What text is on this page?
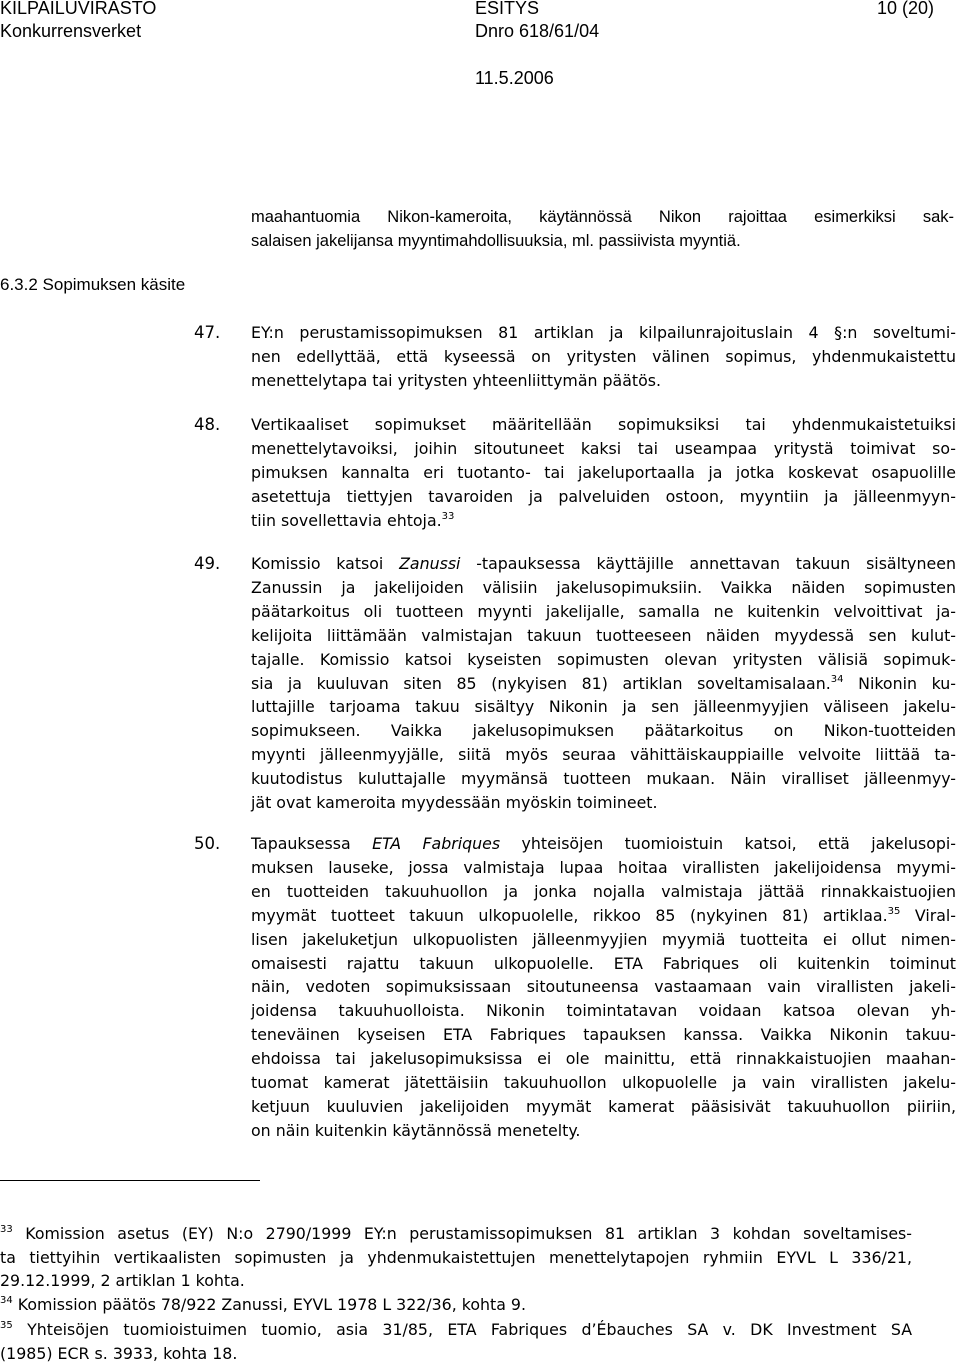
KILPAILUVIRASTO
Konkurrensverket
ESITYS
Dnro 618/61/04
10 (20)
11.5.2006
maahantuomia Nikon-kameroita, käytännössä Nikon rajoittaa esimerkiksi sak-
salaisen jakelijansa myyntimahdollisuuksia, ml. passiivista myyntiä.
6.3.2 Sopimuksen käsite
47. EY:n perustamissopimuksen 81 artiklan ja kilpailunrajoituslain 4 §:n soveltumi-
nen edellyttää, että kyseessä on yritysten välinen sopimus, yhdenmukaistettu
menettelytapa tai yritysten yhteenliittymän päätös.
48. Vertikaaliset sopimukset määritellään sopimuksiksi tai yhdenmukaistetuiksi
menettelytavoiksi, joihin sitoutuneet kaksi tai useampaa yritystä toimivat so-
pimuksen kannalta eri tuotanto- tai jakeluportaalla ja jotka koskevat osapuolille
asetettuja tiettyjen tavaroiden ja palveluiden ostoon, myyntiin ja jälleenmyyn-
tiin sovellettavia ehtoja.$^{33}$
49. Komissio katsoi Zanussi -tapauksessa käyttäjille annettavan takuun sisältyneen
Zanussin ja jakelijoiden välisiin jakelusopimuksiin. Vaikka näiden sopimusten
päätarkoitus oli tuotteen myynti jakelijalle, samalla ne kuitenkin velvoittivat ja-
kelijoita liittämään valmistajan takuun tuotteeseen näiden myydessä sen kulut-
tajalle. Komissio katsoi kyseisten sopimusten olevan yritysten välisiä sopimuk-
sia ja kuuluvan siten 85 (nykyisen 81) artiklan soveltamisalaan.$^{34}$ Nikonin ku-
luttajille tarjoama takuu sisältyy Nikonin ja sen jälleenmyyjien väliseen jakelu-
sopimukseen. Vaikka jakelusopimuksen päätarkoitus on Nikon-tuotteiden
myynti jälleenmyyjälle, siitä myös seuraa vähittäiskauppiaille velvoite liittää ta-
kuutodistus kuluttajalle myymänsä tuotteen mukaan. Näin viralliset jälleenmyy-
jät ovat kameroita myydessään myöskin toimineet.
50. Tapauksessa ETA Fabriques yhteisöjen tuomioistuin katsoi, että jakelusopi-
muksen lauseke, jossa valmistaja lupaa hoitaa virallisten jakelijoidensa myymi-
en tuotteiden takuuhuollon ja jonka nojalla valmistaja jättää rinnakkaistuojien
myymät tuotteet takuun ulkopuolelle, rikkoo 85 (nykyinen 81) artiklaa.$^{35}$ Viral-
lisen jakeluketjun ulkopuolisten jälleenmyyjien myymiä tuotteita ei ollut nimen-
omaisesti rajattu takuun ulkopuolelle. ETA Fabriques oli kuitenkin toiminut
näin, vedoten sopimuksissaan sitoutuneensa vastaamaan vain virallisten jakeli-
joidensa takuuhuolloista. Nikonin toimintatavan voidaan katsoa olevan yh-
teneväinen kyseisen ETA Fabriques tapauksen kanssa. Vaikka Nikonin takuu-
ehdoissa tai jakelusopimuksissa ei ole mainittu, että rinnakkaistuojien maahan-
tuomat kamerat jätettäisiin takuuhuollon ulkopuolelle ja vain virallisten jakelu-
ketjuun kuuluvien jakelijoiden myymät kamerat pääsisivät takuuhuollon piiriin,
on näin kuitenkin käytännössä menetelty.
$^{33}$ Komission asetus (EY) N:o 2790/1999 EY:n perustamissopimuksen 81 artiklan 3 kohdan soveltamises-
ta tiettyihin vertikaalisten sopimusten ja yhdenmukaistettujen menettelytapojen ryhmiin EYVL L 336/21,
29.12.1999, 2 artiklan 1 kohta.
$^{34}$ Komission päätös 78/922 Zanussi, EYVL 1978 L 322/36, kohta 9.
$^{35}$ Yhteisöjen tuomioistuimen tuomio, asia 31/85, ETA Fabriques d’Ébauches SA v. DK Investment SA
(1985) ECR s. 3933, kohta 18.
